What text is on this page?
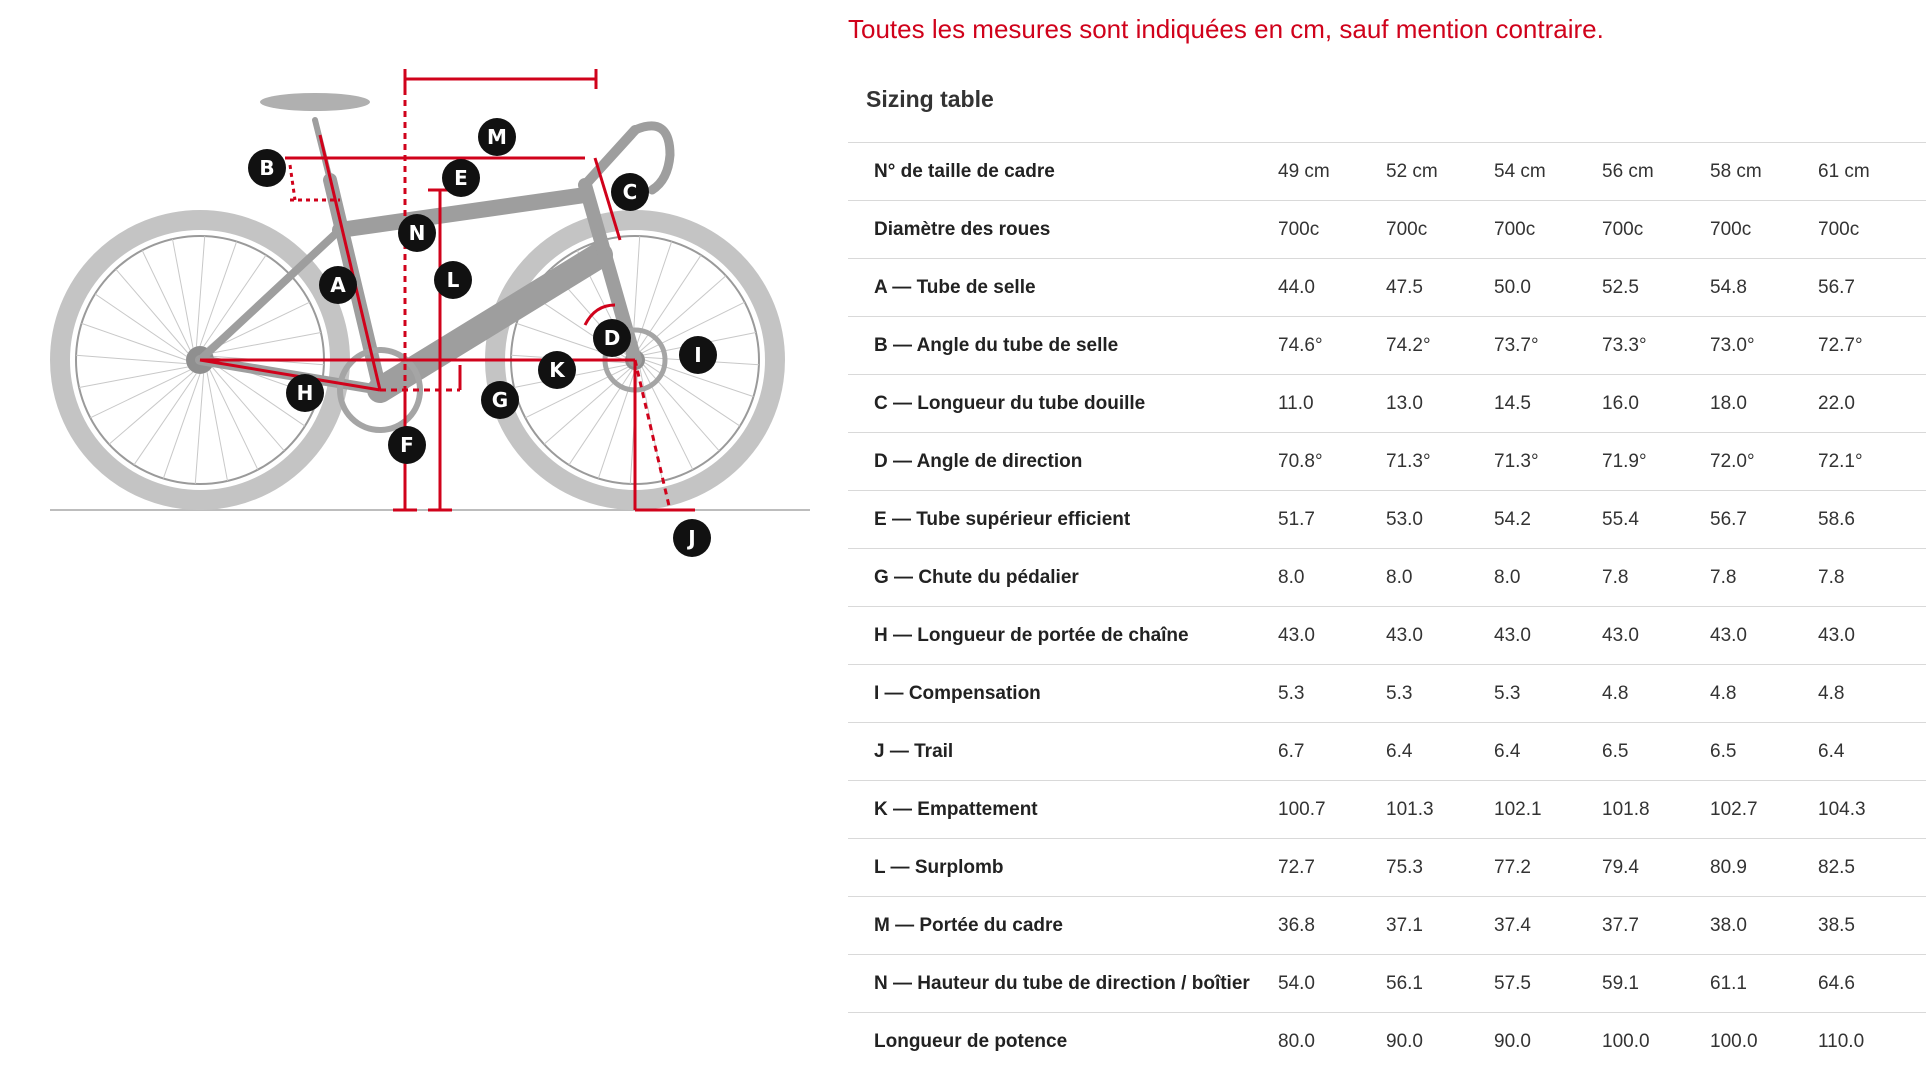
A
B
C
D
E
F
G
H
I
J
K
L
M
N
Toutes les mesures sont indiquées en cm, sauf mention contraire.
Sizing table
N° de taille de cadre	49 cm	52 cm	54 cm	56 cm	58 cm	61 cm
Diamètre des roues	700c	700c	700c	700c	700c	700c
A — Tube de selle	44.0	47.5	50.0	52.5	54.8	56.7
B — Angle du tube de selle	74.6°	74.2°	73.7°	73.3°	73.0°	72.7°
C — Longueur du tube douille	11.0	13.0	14.5	16.0	18.0	22.0
D — Angle de direction	70.8°	71.3°	71.3°	71.9°	72.0°	72.1°
E — Tube supérieur efficient	51.7	53.0	54.2	55.4	56.7	58.6
G — Chute du pédalier	8.0	8.0	8.0	7.8	7.8	7.8
H — Longueur de portée de chaîne	43.0	43.0	43.0	43.0	43.0	43.0
I — Compensation	5.3	5.3	5.3	4.8	4.8	4.8
J — Trail	6.7	6.4	6.4	6.5	6.5	6.4
K — Empattement	100.7	101.3	102.1	101.8	102.7	104.3
L — Surplomb	72.7	75.3	77.2	79.4	80.9	82.5
M — Portée du cadre	36.8	37.1	37.4	37.7	38.0	38.5
N — Hauteur du tube de direction / boîtier	54.0	56.1	57.5	59.1	61.1	64.6
Longueur de potence	80.0	90.0	90.0	100.0	100.0	110.0
